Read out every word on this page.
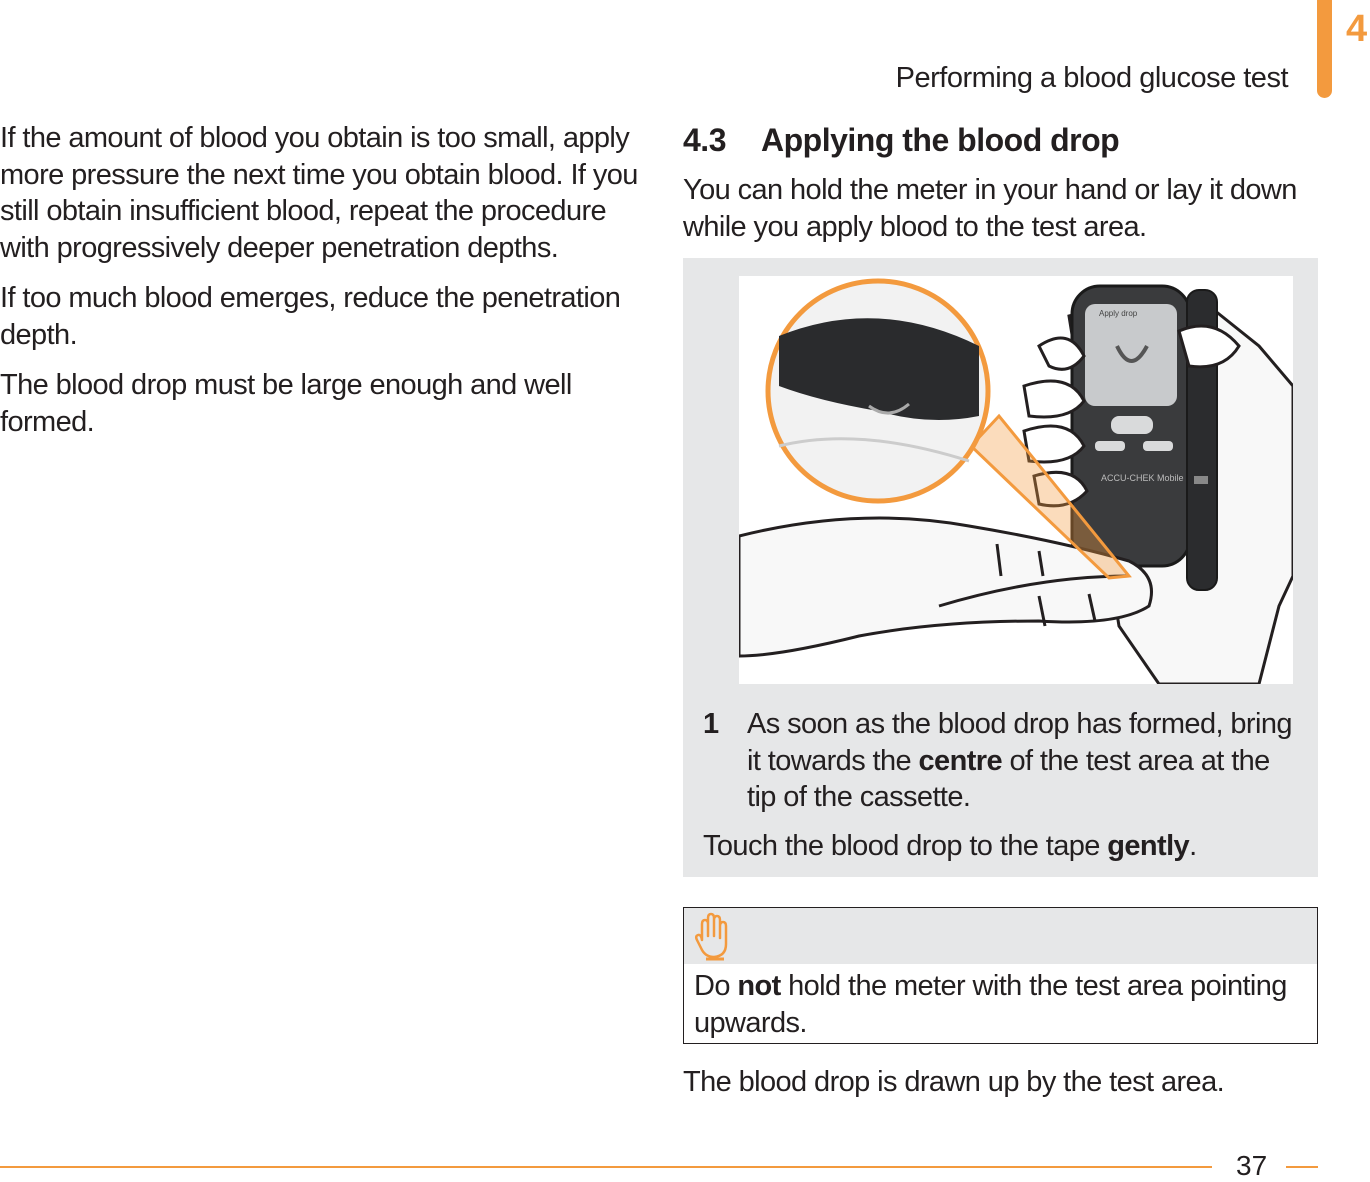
4
Performing a blood glucose test

If the amount of blood you obtain is too small, apply more pressure the next time you obtain blood. If you still obtain insufficient blood, repeat the procedure with progressively deeper penetration depths.

If too much blood emerges, reduce the penetration depth.

The blood drop must be large enough and well formed.

4.3 Applying the blood drop

You can hold the meter in your hand or lay it down while you apply blood to the test area.

Apply drop
ACCU-CHEK Mobile
1 As soon as the blood drop has formed, bring it towards the centre of the test area at the tip of the cassette.
Touch the blood drop to the tape gently.
Do not hold the meter with the test area pointing upwards.
The blood drop is drawn up by the test area.
37
